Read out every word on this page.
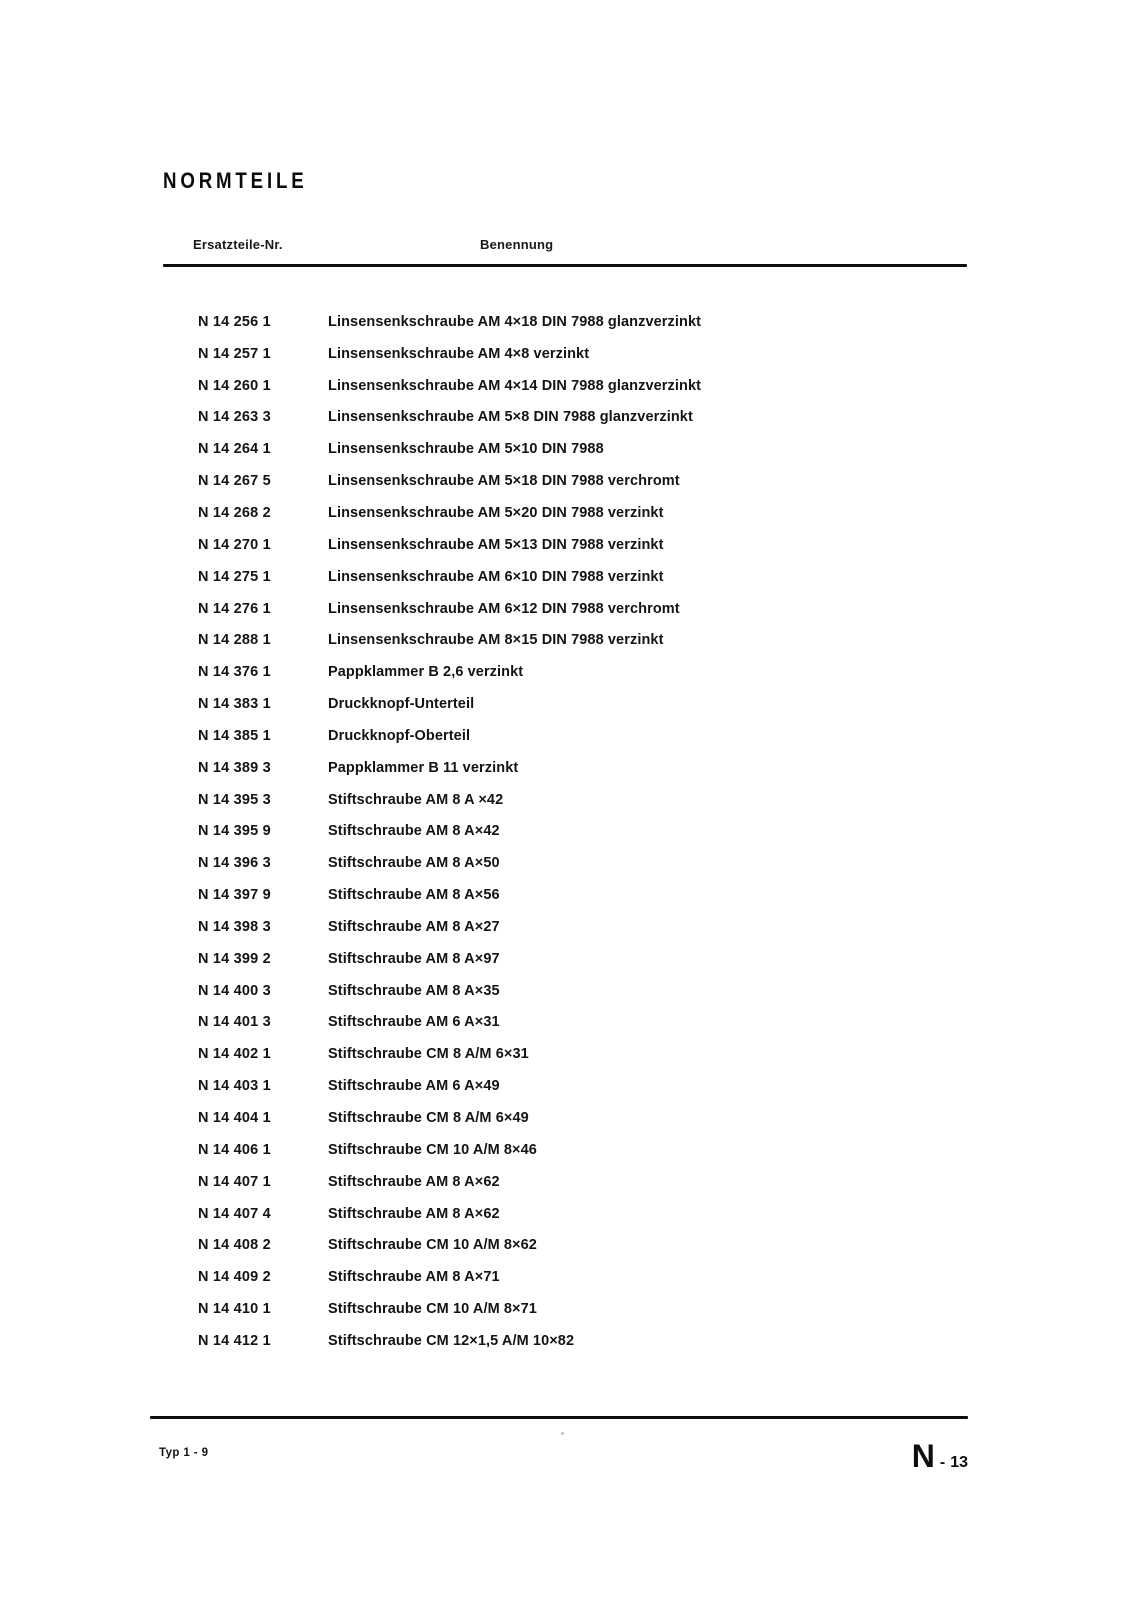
NORMTEILE
Ersatzteile-Nr.	Benennung
N 14 256 1	Linsensenkschraube AM 4×18 DIN 7988 glanzverzinkt
N 14 257 1	Linsensenkschraube AM 4×8 verzinkt
N 14 260 1	Linsensenkschraube AM 4×14 DIN 7988 glanzverzinkt
N 14 263 3	Linsensenkschraube AM 5×8 DIN 7988 glanzverzinkt
N 14 264 1	Linsensenkschraube AM 5×10 DIN 7988
N 14 267 5	Linsensenkschraube AM 5×18 DIN 7988 verchromt
N 14 268 2	Linsensenkschraube AM 5×20 DIN 7988 verzinkt
N 14 270 1	Linsensenkschraube AM 5×13 DIN 7988 verzinkt
N 14 275 1	Linsensenkschraube AM 6×10 DIN 7988 verzinkt
N 14 276 1	Linsensenkschraube AM 6×12 DIN 7988 verchromt
N 14 288 1	Linsensenkschraube AM 8×15 DIN 7988 verzinkt
N 14 376 1	Pappklammer B 2,6 verzinkt
N 14 383 1	Druckknopf-Unterteil
N 14 385 1	Druckknopf-Oberteil
N 14 389 3	Pappklammer B 11 verzinkt
N 14 395 3	Stiftschraube AM 8 A ×42
N 14 395 9	Stiftschraube AM 8 A×42
N 14 396 3	Stiftschraube AM 8 A×50
N 14 397 9	Stiftschraube AM 8 A×56
N 14 398 3	Stiftschraube AM 8 A×27
N 14 399 2	Stiftschraube AM 8 A×97
N 14 400 3	Stiftschraube AM 8 A×35
N 14 401 3	Stiftschraube AM 6 A×31
N 14 402 1	Stiftschraube CM 8 A/M 6×31
N 14 403 1	Stiftschraube AM 6 A×49
N 14 404 1	Stiftschraube CM 8 A/M 6×49
N 14 406 1	Stiftschraube CM 10 A/M 8×46
N 14 407 1	Stiftschraube AM 8 A×62
N 14 407 4	Stiftschraube AM 8 A×62
N 14 408 2	Stiftschraube CM 10 A/M 8×62
N 14 409 2	Stiftschraube AM 8 A×71
N 14 410 1	Stiftschraube CM 10 A/M 8×71
N 14 412 1	Stiftschraube CM 12×1,5 A/M 10×82
Typ 1 - 9	N - 13
